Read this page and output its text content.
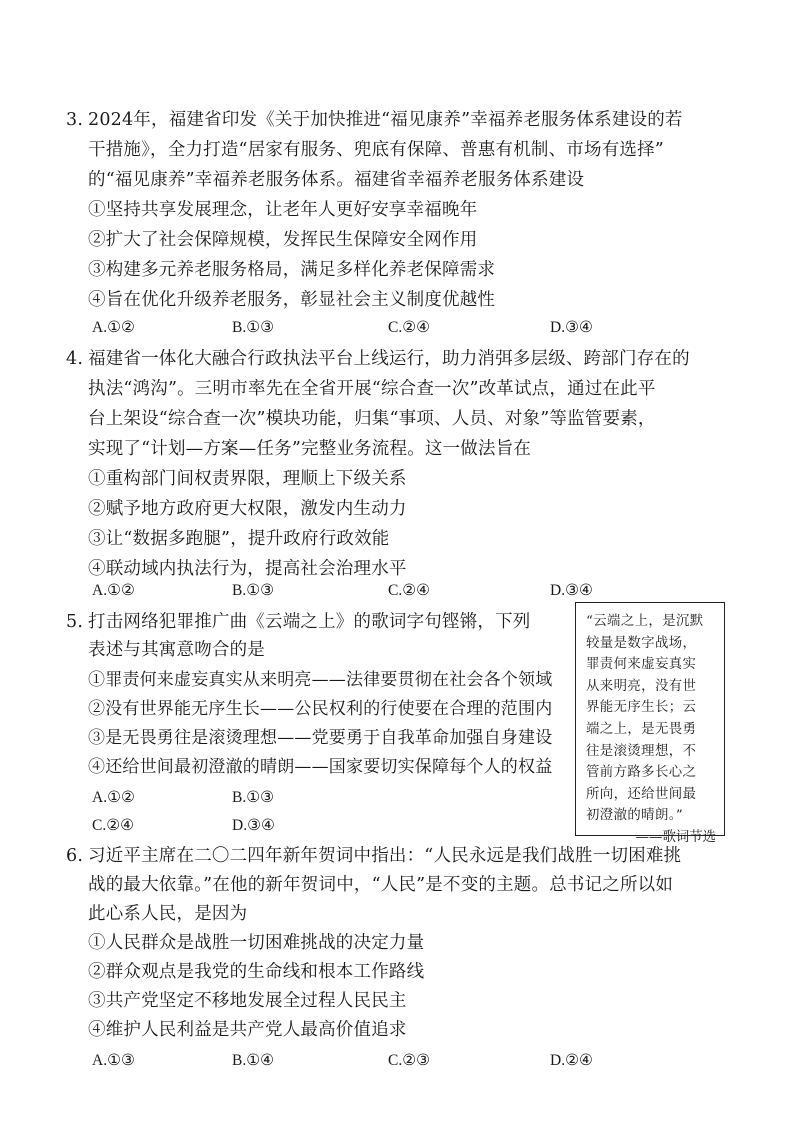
3. 2024年，福建省印发《关于加快推进“福见康养”幸福养老服务体系建设的若
干措施》，全力打造“居家有服务、兜底有保障、普惠有机制、市场有选择”
的“福见康养”幸福养老服务体系。福建省幸福养老服务体系建设
①坚持共享发展理念，让老年人更好安享幸福晚年
②扩大了社会保障规模，发挥民生保障安全网作用
③构建多元养老服务格局，满足多样化养老保障需求
④旨在优化升级养老服务，彰显社会主义制度优越性
A.①②	B.①③	C.②④	D.③④
4. 福建省一体化大融合行政执法平台上线运行，助力消弭多层级、跨部门存在的
执法“鸿沟”。三明市率先在全省开展“综合查一次”改革试点，通过在此平
台上架设“综合查一次”模块功能，归集“事项、人员、对象”等监管要素，
实现了“计划—方案—任务”完整业务流程。这一做法旨在
①重构部门间权责界限，理顺上下级关系
②赋予地方政府更大权限，激发内生动力
③让“数据多跑腿”，提升政府行政效能
④联动域内执法行为，提高社会治理水平
A.①②	B.①③	C.②④	D.③④
5. 打击网络犯罪推广曲《云端之上》的歌词字句铿锵，下列
表述与其寓意吻合的是
①罪责何来虚妄真实从来明亮——法律要贯彻在社会各个领域
②没有世界能无序生长——公民权利的行使要在合理的范围内
③是无畏勇往是滚烫理想——党要勇于自我革命加强自身建设
④还给世间最初澄澈的晴朗——国家要切实保障每个人的权益
A.①②	B.①③
C.②④	D.③④
“云端之上，是沉默
较量是数字战场，
罪责何来虚妄真实
从来明亮，没有世
界能无序生长；云
端之上，是无畏勇
往是滚烫理想，不
管前方路多长心之
所向，还给世间最
初澄澈的晴朗。”
——歌词节选
6. 习近平主席在二〇二四年新年贺词中指出：“人民永远是我们战胜一切困难挑
战的最大依靠。”在他的新年贺词中，“人民”是不变的主题。总书记之所以如
此心系人民，是因为
①人民群众是战胜一切困难挑战的决定力量
②群众观点是我党的生命线和根本工作路线
③共产党坚定不移地发展全过程人民民主
④维护人民利益是共产党人最高价值追求
A.①③	B.①④	C.②③	D.②④
